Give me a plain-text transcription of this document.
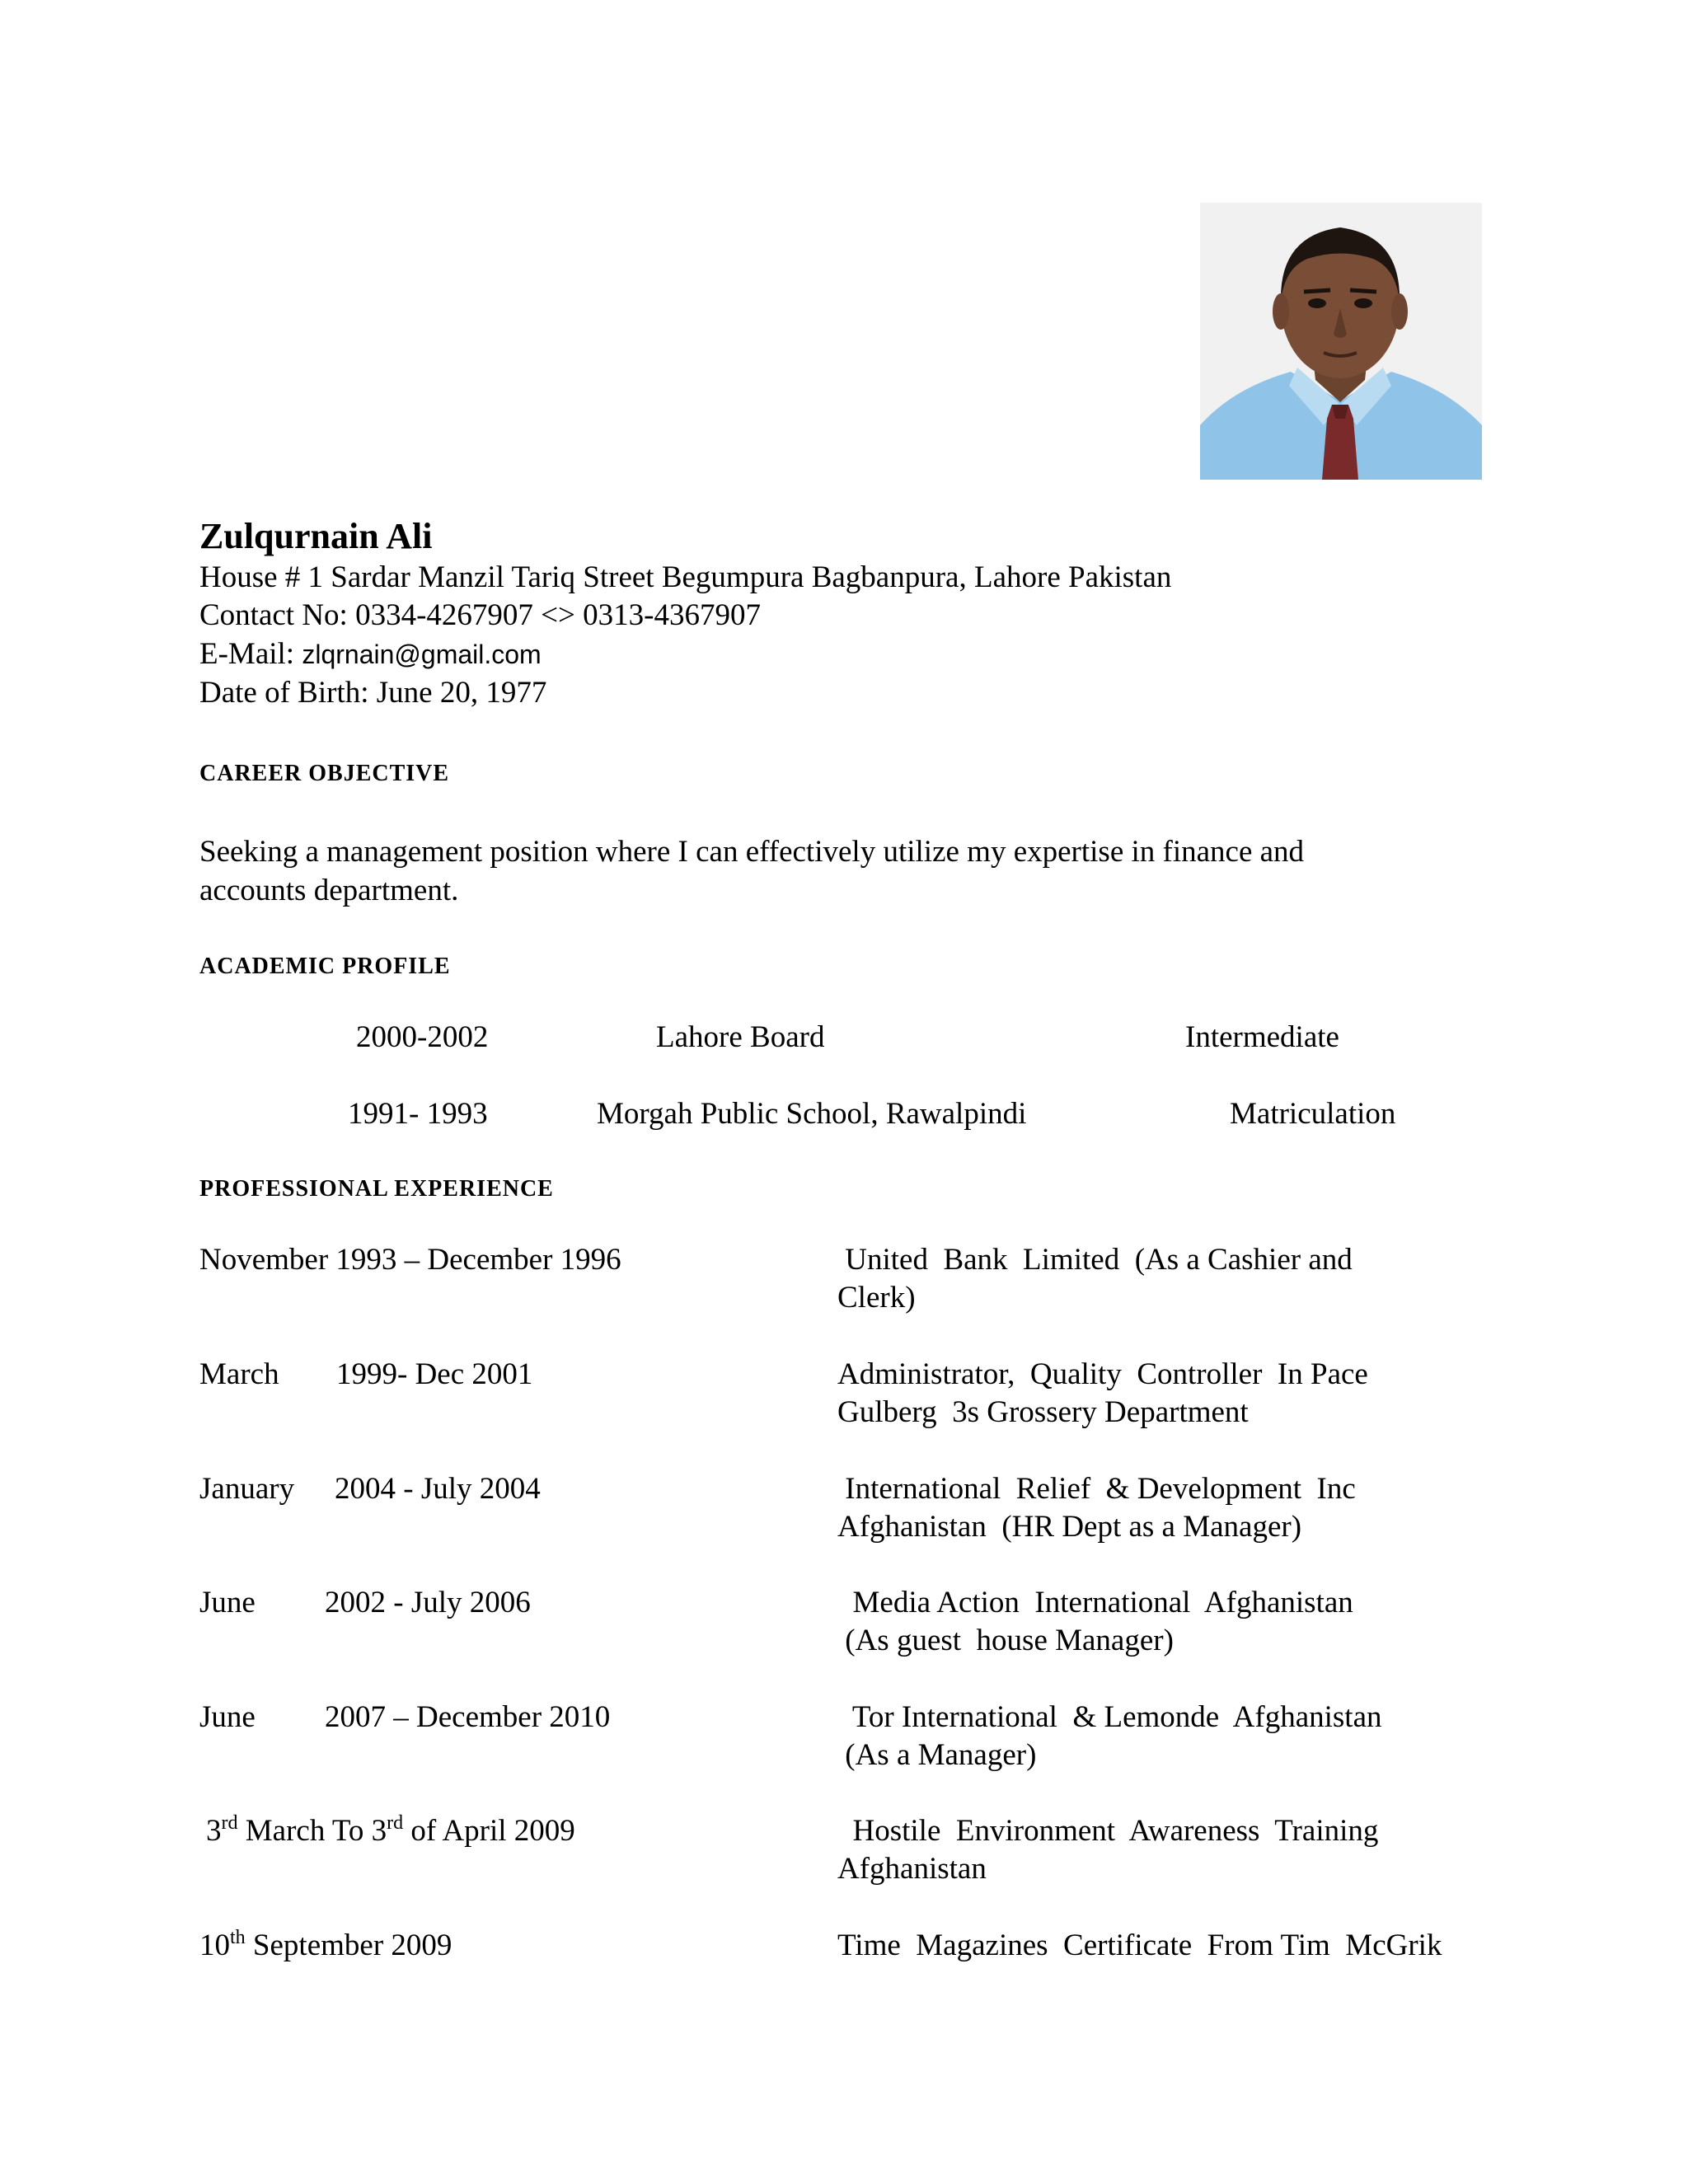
Zulqurnain Ali
House # 1 Sardar Manzil Tariq Street Begumpura Bagbanpura, Lahore Pakistan
Contact No: 0334-4267907 <> 0313-4367907
E-Mail: zlqrnain@gmail.com
Date of Birth: June 20, 1977
CAREER OBJECTIVE
Seeking a management position where I can effectively utilize my expertise in finance and
accounts department.
ACADEMIC PROFILE
2000-2002	Lahore Board	Intermediate
1991- 1993	Morgah Public School, Rawalpindi	Matriculation
PROFESSIONAL EXPERIENCE
November 1993 – December 1996	United  Bank  Limited  (As a Cashier and
Clerk)
March 1999- Dec 2001	Administrator,  Quality  Controller  In Pace
Gulberg  3s Grossery Department
January 2004 - July 2004	International  Relief  & Development  Inc
Afghanistan  (HR Dept as a Manager)
June 2002 - July 2006	Media Action  International  Afghanistan
(As guest  house Manager)
June 2007 – December 2010	Tor International  & Lemonde  Afghanistan
(As a Manager)
3rd March To 3rd of April 2009	Hostile  Environment  Awareness  Training
Afghanistan
10th September 2009	Time  Magazines  Certificate  From Tim  McGrik
